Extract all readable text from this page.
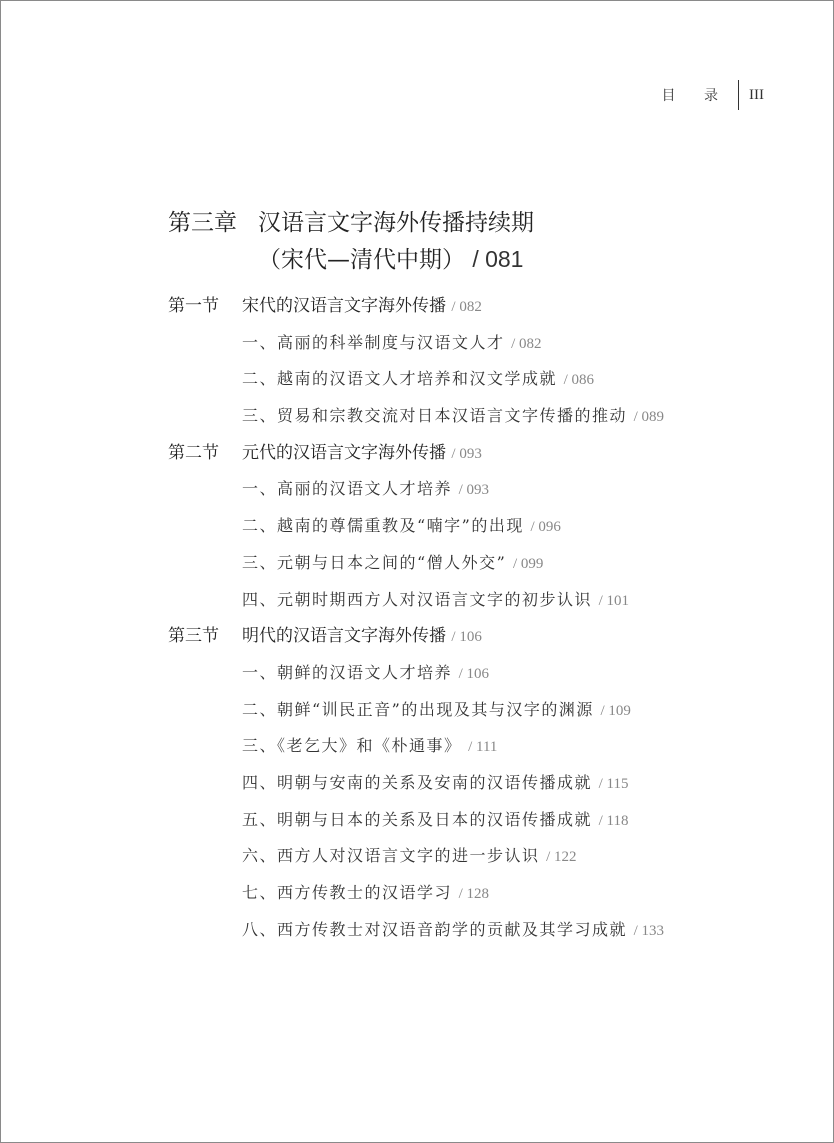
目 录 III
第三章 汉语言文字海外传播持续期
（宋代—清代中期） / 081
第一节 宋代的汉语言文字海外传播 / 082
一、高丽的科举制度与汉语文人才 / 082
二、越南的汉语文人才培养和汉文学成就 / 086
三、贸易和宗教交流对日本汉语言文字传播的推动 / 089
第二节 元代的汉语言文字海外传播 / 093
一、高丽的汉语文人才培养 / 093
二、越南的尊儒重教及“喃字”的出现 / 096
三、元朝与日本之间的“僧人外交” / 099
四、元朝时期西方人对汉语言文字的初步认识 / 101
第三节 明代的汉语言文字海外传播 / 106
一、朝鲜的汉语文人才培养 / 106
二、朝鲜“训民正音”的出现及其与汉字的渊源 / 109
三、《老乞大》和《朴通事》 / 111
四、明朝与安南的关系及安南的汉语传播成就 / 115
五、明朝与日本的关系及日本的汉语传播成就 / 118
六、西方人对汉语言文字的进一步认识 / 122
七、西方传教士的汉语学习 / 128
八、西方传教士对汉语音韵学的贡献及其学习成就 / 133
